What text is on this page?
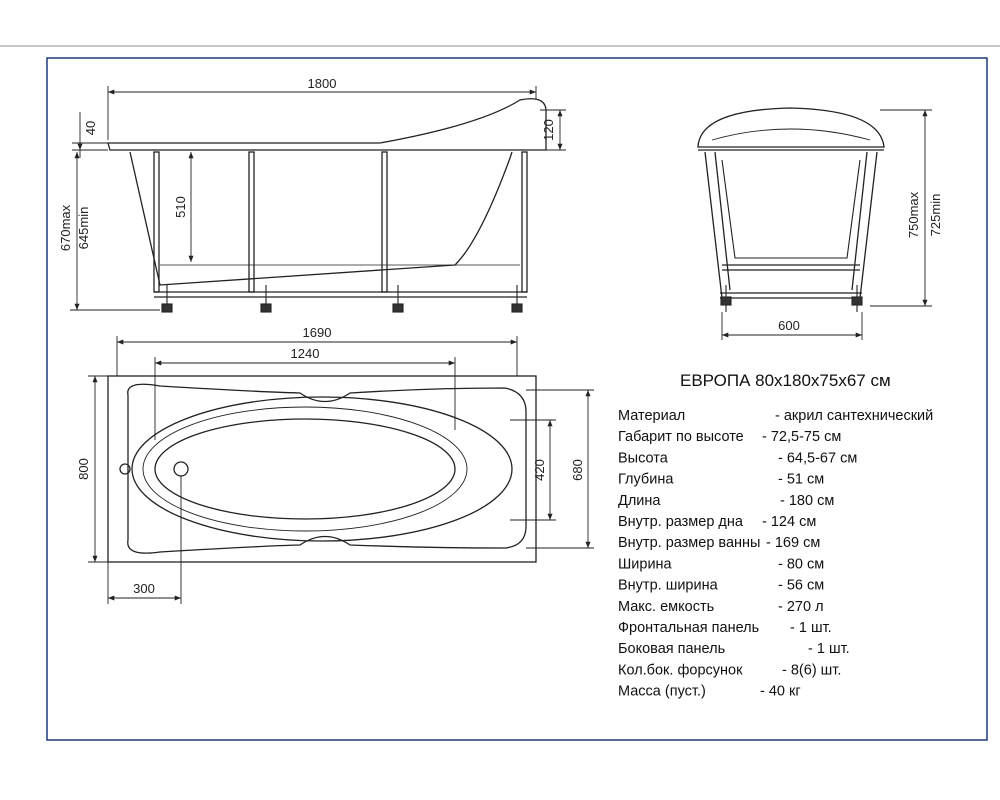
1800
40
670max 645min	510
120
600
750max 725min
1690
1240
800	420 680
300
ЕВРОПА 80x180x75x67 см
Материал	- акрил сантехнический
Габарит по высоте - 72,5-75 см
Высота	- 64,5-67 см
Глубина	- 51 см
Длина	- 180 см
Внутр. размер дна - 124 см
Внутр. размер ванны - 169 см
Ширина	- 80 см
Внутр. ширина	- 56 см
Макс. емкость	- 270 л
Фронтальная панель - 1 шт.
Боковая панель	- 1 шт.
Кол.бок. форсунок	- 8(6) шт.
Масса (пуст.)	- 40 кг
